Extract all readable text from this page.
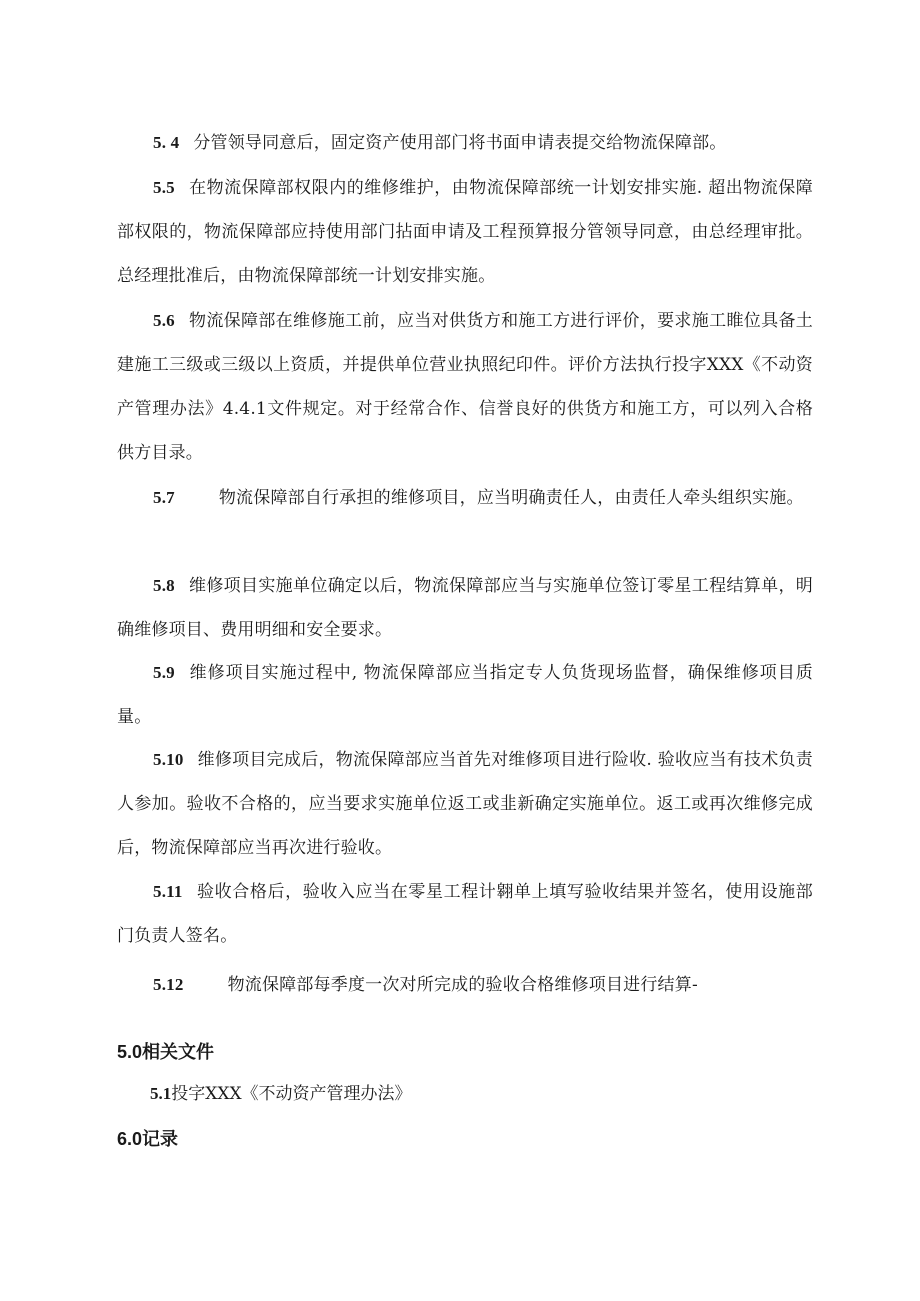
5. 4 分管领导同意后，固定资产使用部门将书面申请表提交给物流保障部。

5.5 在物流保障部权限内的维修维护，由物流保障部统一计划安排实施. 超出物流保障部权限的，物流保障部应持使用部门拈面申请及工程预算报分管领导同意，由总经理审批。总经理批准后，由物流保障部统一计划安排实施。

5.6 物流保障部在维修施工前，应当对供货方和施工方进行评价，要求施工睢位具备土建施工三级或三级以上资质，并提供单位营业执照纪印件。评价方法执行投字XXX《不动资产管理办法》4.4.1文件规定。对于经常合作、信誉良好的供货方和施工方，可以列入合格供方目录。

5.7	物流保障部自行承担的维修项目，应当明确责任人，由责任人牵头组织实施。

5.8 维修项目实施单位确定以后，物流保障部应当与实施单位签订零星工程结算单，明确维修项目、费用明细和安全要求。

5.9 维修项目实施过程中, 物流保障部应当指定专人负货现场监督，确保维修项目质量。

5.10 维修项目完成后，物流保障部应当首先对维修项目进行险收. 验收应当有技术负责人参加。验收不合格的，应当要求实施单位返工或韭新确定实施单位。返工或再次维修完成后，物流保障部应当再次进行验收。

5.11 验收合格后，验收入应当在零星工程计翱单上填写验收结果并签名，使用设施部门负责人签名。

5.12	物流保障部每季度一次对所完成的验收合格维修项目进行结算-

5.0相关文件

5.1投字XXX《不动资产管理办法》

6.0记录
